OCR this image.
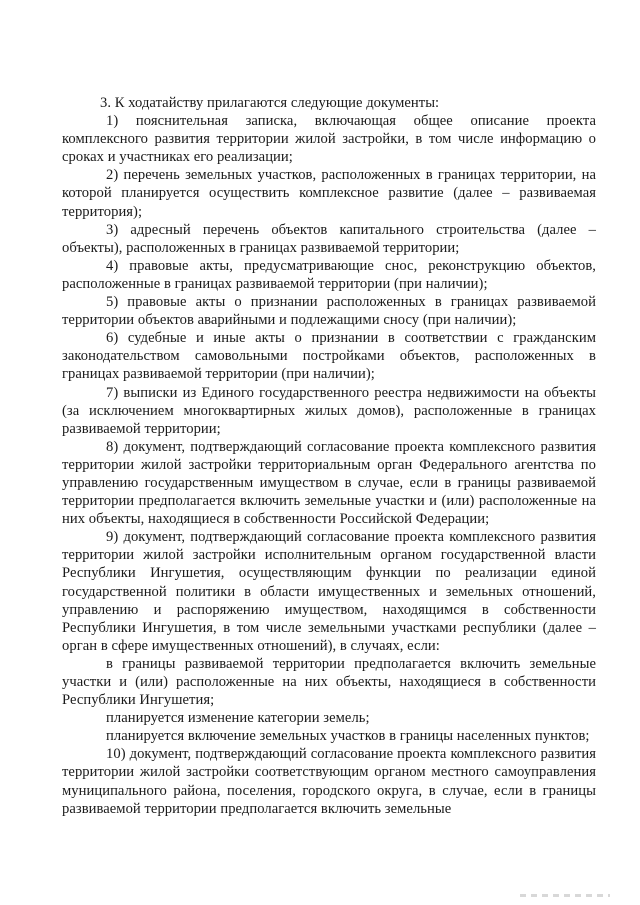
3. К ходатайству прилагаются следующие документы:

1) пояснительная записка, включающая общее описание проекта комплексного развития территории жилой застройки, в том числе информацию о сроках и участниках его реализации;

2) перечень земельных участков, расположенных в границах территории, на которой планируется осуществить комплексное развитие (далее – развиваемая территория);

3) адресный перечень объектов капитального строительства (далее – объекты), расположенных в границах развиваемой территории;

4) правовые акты, предусматривающие снос, реконструкцию объектов, расположенные в границах развиваемой территории (при наличии);

5) правовые акты о признании расположенных в границах развиваемой территории объектов аварийными и подлежащими сносу (при наличии);

6) судебные и иные акты о признании в соответствии с гражданским законодательством самовольными постройками объектов, расположенных в границах развиваемой территории (при наличии);

7) выписки из Единого государственного реестра недвижимости на объекты (за исключением многоквартирных жилых домов), расположенные в границах развиваемой территории;

8) документ, подтверждающий согласование проекта комплексного развития территории жилой застройки территориальным орган Федерального агентства по управлению государственным имуществом в случае, если в границы развиваемой территории предполагается включить земельные участки и (или) расположенные на них объекты, находящиеся в собственности Российской Федерации;

9) документ, подтверждающий согласование проекта комплексного развития территории жилой застройки исполнительным органом государственной власти Республики Ингушетия, осуществляющим функции по реализации единой государственной политики в области имущественных и земельных отношений, управлению и распоряжению имуществом, находящимся в собственности Республики Ингушетия, в том числе земельными участками республики (далее – орган в сфере имущественных отношений), в случаях, если:

в границы развиваемой территории предполагается включить земельные участки и (или) расположенные на них объекты, находящиеся в собственности Республики Ингушетия;

планируется изменение категории земель;

планируется включение земельных участков в границы населенных пунктов;

10) документ, подтверждающий согласование проекта комплексного развития территории жилой застройки соответствующим органом местного самоуправления муниципального района, поселения, городского округа, в случае, если в границы развиваемой территории предполагается включить земельные
